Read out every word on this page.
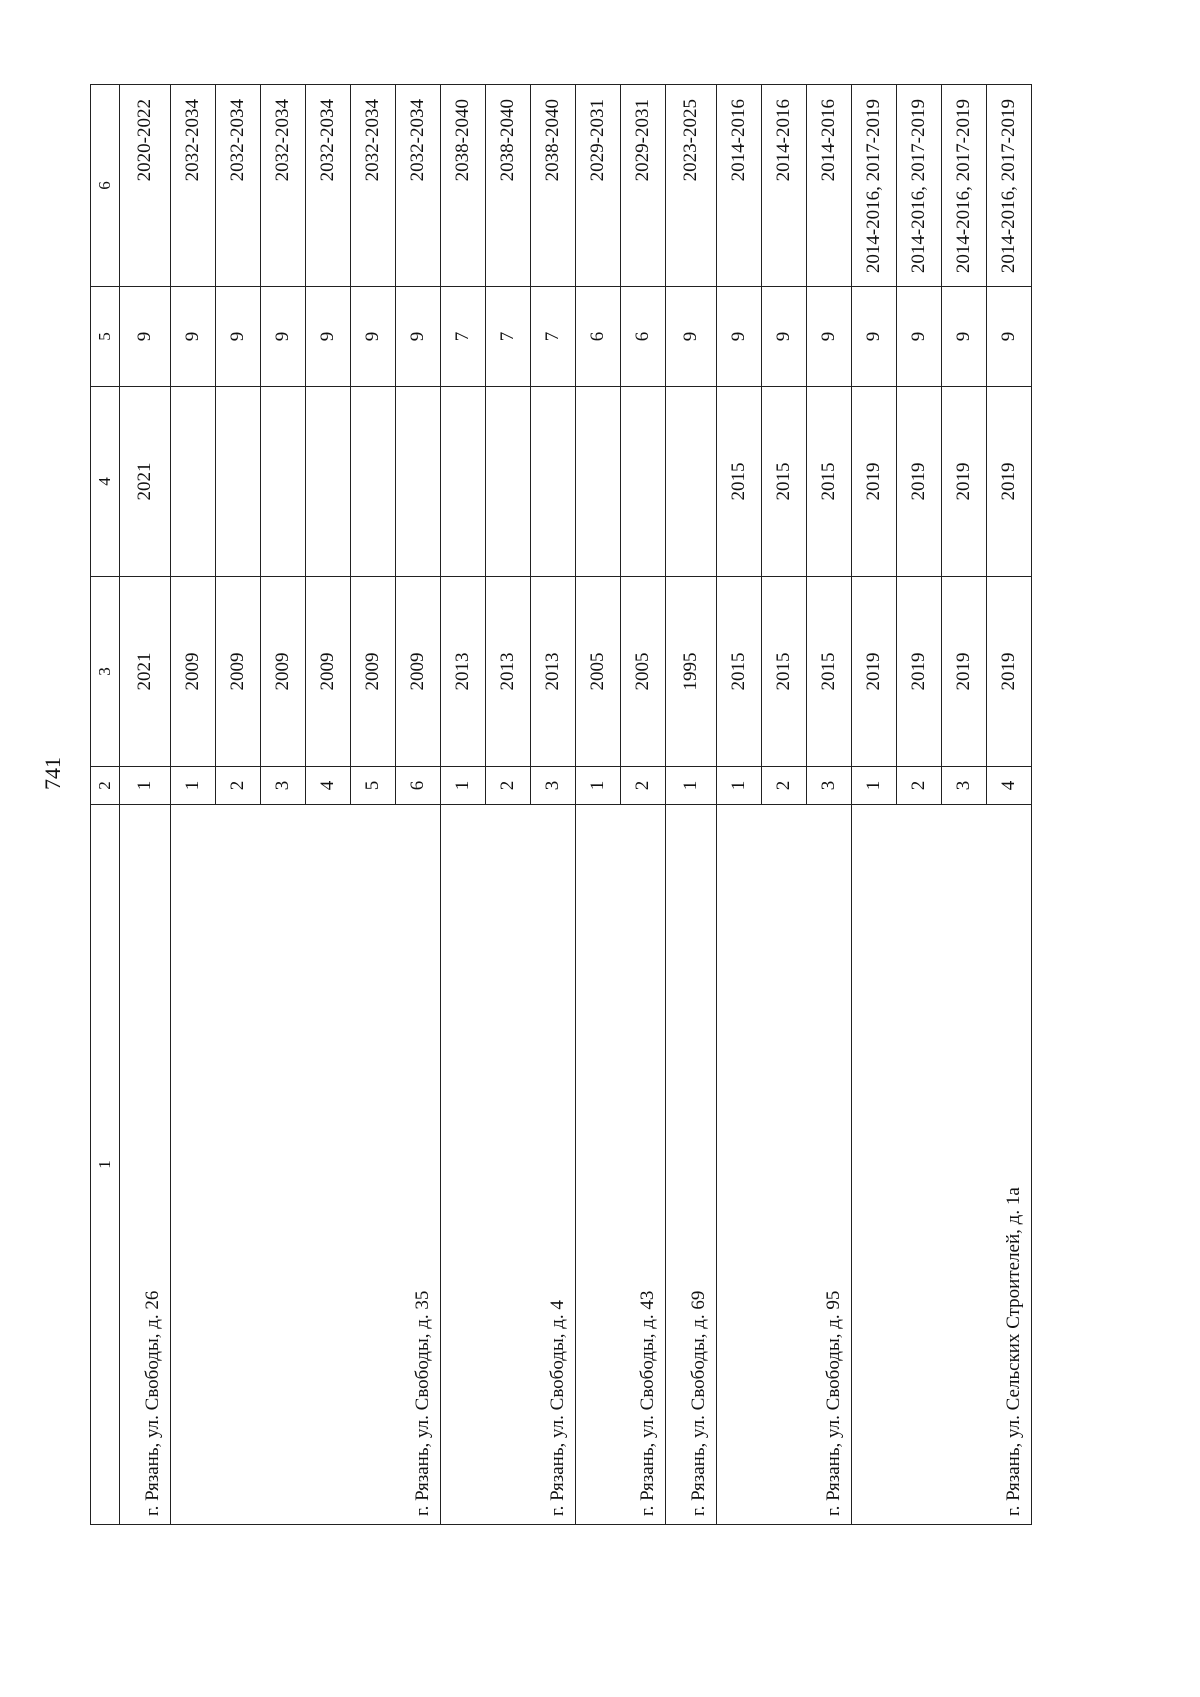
741
1	2	3	4	5	6
г. Рязань, ул. Свободы, д. 26	1	2021	2021	9	2020-2022
г. Рязань, ул. Свободы, д. 35	1	2009		9	2032-2034
	2	2009		9	2032-2034
	3	2009		9	2032-2034
	4	2009		9	2032-2034
	5	2009		9	2032-2034
	6	2009		9	2032-2034
г. Рязань, ул. Свободы, д. 4	1	2013		7	2038-2040
	2	2013		7	2038-2040
	3	2013		7	2038-2040
г. Рязань, ул. Свободы, д. 43	1	2005		6	2029-2031
	2	2005		6	2029-2031
г. Рязань, ул. Свободы, д. 69	1	1995		9	2023-2025
г. Рязань, ул. Свободы, д. 95	1	2015	2015	9	2014-2016
	2	2015	2015	9	2014-2016
	3	2015	2015	9	2014-2016
г. Рязань, ул. Сельских Строителей, д. 1а	1	2019	2019	9	2014-2016, 2017-2019
	2	2019	2019	9	2014-2016, 2017-2019
	3	2019	2019	9	2014-2016, 2017-2019
	4	2019	2019	9	2014-2016, 2017-2019
